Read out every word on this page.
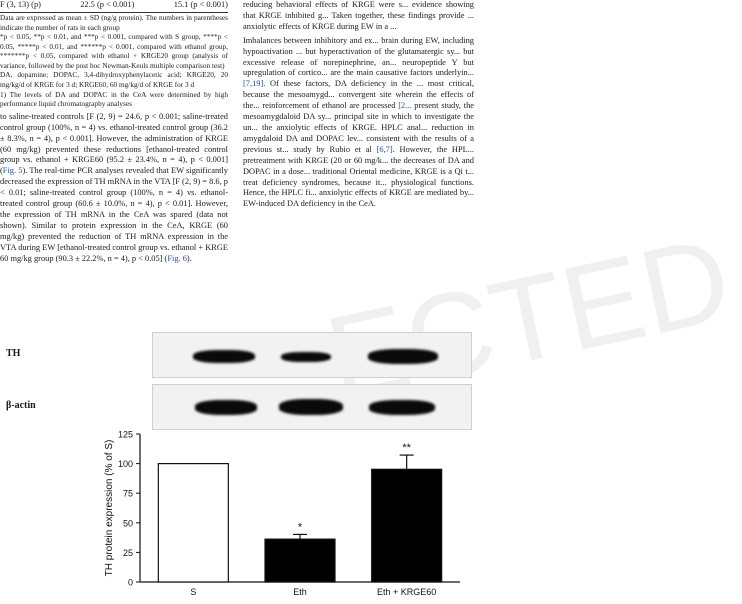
ECTED
F (3, 13) (p)	22.5 (p < 0.001)	15.1 (p < 0.001)

Data are expressed as mean ± SD (ng/g protein). The numbers in parentheses indicate the number of rats in each group

*p < 0.05, **p < 0.01, and ***p < 0.001, compared with S group, ****p < 0.05, *****p < 0.01, and ******p < 0.001, compared with ethanol group, *******p < 0.05, compared with ethanol + KRGE20 group (analysis of variance, followed by the post hoc Newman-Keuls multiple comparison test)

DA, dopamine; DOPAC, 3,4-dihydroxyphenylacetic acid; KRGE20, 20 mg/kg/d of KRGE for 3 d; KRGE60, 60 mg/kg/d of KRGE for 3 d

1) The levels of DA and DOPAC in the CeA were determined by high performance liquid chromatography analyses

to saline-treated controls [F (2, 9) = 24.6, p < 0.001; saline-treated control group (100%, n = 4) vs. ethanol-treated control group (36.2 ± 8.3%, n = 4), p < 0.001]. However, the administration of KRGE (60 mg/kg) prevented these reductions [ethanol-treated control group vs. ethanol + KRGE60 (95.2 ± 23.4%, n = 4), p < 0.001] (Fig. 5). The real-time PCR analyses revealed that EW significantly decreased the expression of TH mRNA in the VTA [F (2, 9) = 8.6, p < 0.01; saline-treated control group (100%, n = 4) vs. ethanol-treated control group (60.6 ± 10.0%, n = 4), p < 0.01]. However, the expression of TH mRNA in the CeA was spared (data not shown). Similar to protein expression in the CeA, KRGE (60 mg/kg) prevented the reduction of TH mRNA expression in the VTA during EW [ethanol-treated control group vs. ethanol + KRGE 60 mg/kg group (90.3 ± 22.2%, n = 4), p < 0.05] (Fig. 6).

reducing behavioral effects of KRGE were s... evidence showing that KRGE inhibited g... Taken together, these findings provide ... anxiolytic effects of KRGE during EW in a ...

Imbalances between inhibitory and ex... brain during EW, including hypoactivation ... but hyperactivation of the glutamatergic sy... but excessive release of norepinephrine, an... neuropeptide Y but upregulation of cortico... are the main causative factors underlyin... [7,19]. Of these factors, DA deficiency in the ... most critical, because the mesoamygd... convergent site wherein the effects of the... reinforcement of ethanol are processed [2... present study, the mesoamygdaloid DA sy... principal site in which to investigate the un... the anxiolytic effects of KRGE. HPLC anal... reduction in amygdaloid DA and DOPAC lev... consistent with the results of a previous st... study by Rubio et al [6,7]. However, the HPL... pretreatment with KRGE (20 or 60 mg/k... the decreases of DA and DOPAC in a dose... traditional Oriental medicine, KRGE is a Qi t... treat deficiency syndromes, because it... physiological functions. Hence, the HPLC fi... anxiolytic effects of KRGE are mediated by... EW-induced DA deficiency in the CeA.

TH
β-actin
0
25
50
75
100
125
TH protein expression (% of S)
S
*
Eth
**
Eth + KRGE60
